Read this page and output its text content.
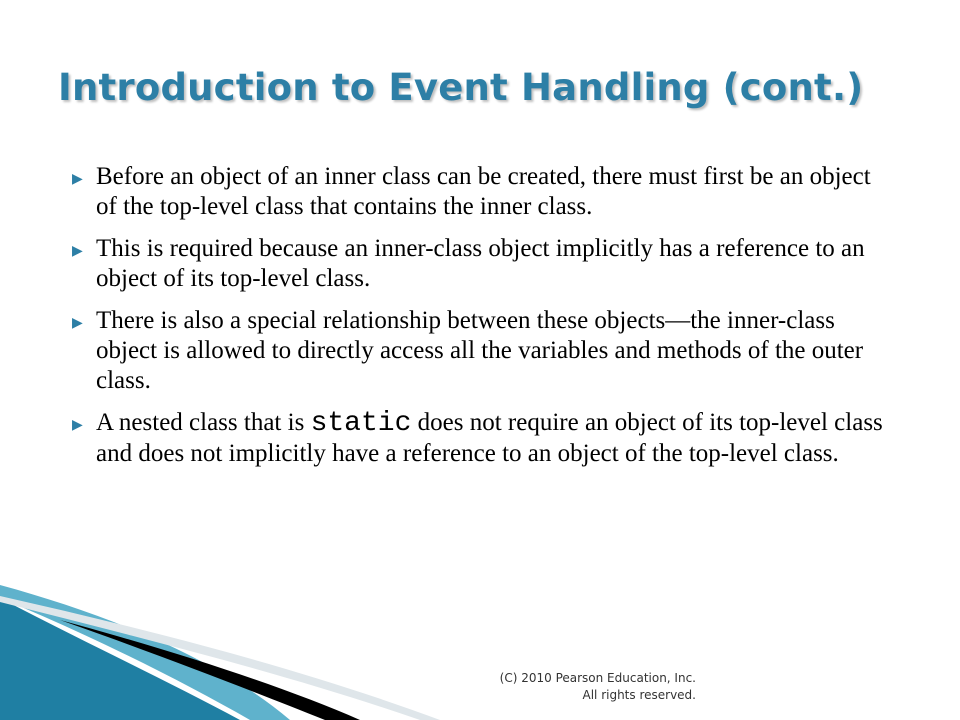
Introduction to Event Handling (cont.)
▶ Before an object of an inner class can be created, there must first be an object of the top-level class that contains the inner class.
▶ This is required because an inner-class object implicitly has a reference to an object of its top-level class.
▶ There is also a special relationship between these objects—the inner-class object is allowed to directly access all the variables and methods of the outer class.
▶ A nested class that is static does not require an object of its top-level class and does not implicitly have a reference to an object of the top-level class.
(C) 2010 Pearson Education, Inc.
All rights reserved.
